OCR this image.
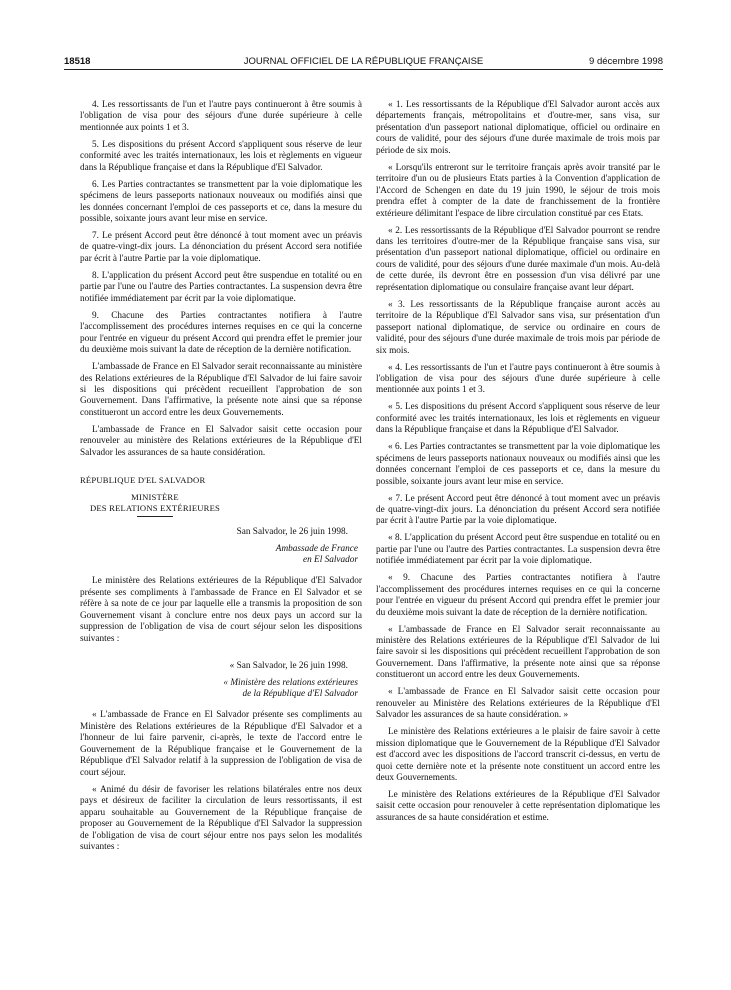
18518	JOURNAL OFFICIEL DE LA RÉPUBLIQUE FRANÇAISE	9 décembre 1998

4. Les ressortissants de l'un et l'autre pays continueront à être soumis à l'obligation de visa pour des séjours d'une durée supérieure à celle mentionnée aux points 1 et 3.

5. Les dispositions du présent Accord s'appliquent sous réserve de leur conformité avec les traités internationaux, les lois et règlements en vigueur dans la République française et dans la République d'El Salvador.

6. Les Parties contractantes se transmettent par la voie diplomatique les spécimens de leurs passeports nationaux nouveaux ou modifiés ainsi que les données concernant l'emploi de ces passeports et ce, dans la mesure du possible, soixante jours avant leur mise en service.

7. Le présent Accord peut être dénoncé à tout moment avec un préavis de quatre-vingt-dix jours. La dénonciation du présent Accord sera notifiée par écrit à l'autre Partie par la voie diplomatique.

8. L'application du présent Accord peut être suspendue en totalité ou en partie par l'une ou l'autre des Parties contractantes. La suspension devra être notifiée immédiatement par écrit par la voie diplomatique.

9. Chacune des Parties contractantes notifiera à l'autre l'accomplissement des procédures internes requises en ce qui la concerne pour l'entrée en vigueur du présent Accord qui prendra effet le premier jour du deuxième mois suivant la date de réception de la dernière notification.

L'ambassade de France en El Salvador serait reconnaissante au ministère des Relations extérieures de la République d'El Salvador de lui faire savoir si les dispositions qui précèdent recueillent l'approbation de son Gouvernement. Dans l'affirmative, la présente note ainsi que sa réponse constitueront un accord entre les deux Gouvernements.

L'ambassade de France en El Salvador saisit cette occasion pour renouveler au ministère des Relations extérieures de la République d'El Salvador les assurances de sa haute considération.

RÉPUBLIQUE D'EL SALVADOR

MINISTÈRE
DES RELATIONS EXTÉRIEURES

San Salvador, le 26 juin 1998.

Ambassade de France
en El Salvador

Le ministère des Relations extérieures de la République d'El Salvador présente ses compliments à l'ambassade de France en El Salvador et se réfère à sa note de ce jour par laquelle elle a transmis la proposition de son Gouvernement visant à conclure entre nos deux pays un accord sur la suppression de l'obligation de visa de court séjour selon les dispositions suivantes :

« San Salvador, le 26 juin 1998.

« Ministère des relations extérieures
de la République d'El Salvador

« L'ambassade de France en El Salvador présente ses compliments au Ministère des Relations extérieures de la République d'El Salvador et a l'honneur de lui faire parvenir, ci-après, le texte de l'accord entre le Gouvernement de la République française et le Gouvernement de la République d'El Salvador relatif à la suppression de l'obligation de visa de court séjour.

« Animé du désir de favoriser les relations bilatérales entre nos deux pays et désireux de faciliter la circulation de leurs ressortissants, il est apparu souhaitable au Gouvernement de la République française de proposer au Gouvernement de la République d'El Salvador la suppression de l'obligation de visa de court séjour entre nos pays selon les modalités suivantes :

« 1. Les ressortissants de la République d'El Salvador auront accès aux départements français, métropolitains et d'outre-mer, sans visa, sur présentation d'un passeport national diplomatique, officiel ou ordinaire en cours de validité, pour des séjours d'une durée maximale de trois mois par période de six mois.

« Lorsqu'ils entreront sur le territoire français après avoir transité par le territoire d'un ou de plusieurs Etats parties à la Convention d'application de l'Accord de Schengen en date du 19 juin 1990, le séjour de trois mois prendra effet à compter de la date de franchissement de la frontière extérieure délimitant l'espace de libre circulation constitué par ces Etats.

« 2. Les ressortissants de la République d'El Salvador pourront se rendre dans les territoires d'outre-mer de la République française sans visa, sur présentation d'un passeport national diplomatique, officiel ou ordinaire en cours de validité, pour des séjours d'une durée maximale d'un mois. Au-delà de cette durée, ils devront être en possession d'un visa délivré par une représentation diplomatique ou consulaire française avant leur départ.

« 3. Les ressortissants de la République française auront accès au territoire de la République d'El Salvador sans visa, sur présentation d'un passeport national diplomatique, de service ou ordinaire en cours de validité, pour des séjours d'une durée maximale de trois mois par période de six mois.

« 4. Les ressortissants de l'un et l'autre pays continueront à être soumis à l'obligation de visa pour des séjours d'une durée supérieure à celle mentionnée aux points 1 et 3.

« 5. Les dispositions du présent Accord s'appliquent sous réserve de leur conformité avec les traités internationaux, les lois et règlements en vigueur dans la République française et dans la République d'El Salvador.

« 6. Les Parties contractantes se transmettent par la voie diplomatique les spécimens de leurs passeports nationaux nouveaux ou modifiés ainsi que les données concernant l'emploi de ces passeports et ce, dans la mesure du possible, soixante jours avant leur mise en service.

« 7. Le présent Accord peut être dénoncé à tout moment avec un préavis de quatre-vingt-dix jours. La dénonciation du présent Accord sera notifiée par écrit à l'autre Partie par la voie diplomatique.

« 8. L'application du présent Accord peut être suspendue en totalité ou en partie par l'une ou l'autre des Parties contractantes. La suspension devra être notifiée immédiatement par écrit par la voie diplomatique.

« 9. Chacune des Parties contractantes notifiera à l'autre l'accomplissement des procédures internes requises en ce qui la concerne pour l'entrée en vigueur du présent Accord qui prendra effet le premier jour du deuxième mois suivant la date de réception de la dernière notification.

« L'ambassade de France en El Salvador serait reconnaissante au ministère des Relations extérieures de la République d'El Salvador de lui faire savoir si les dispositions qui précèdent recueillent l'approbation de son Gouvernement. Dans l'affirmative, la présente note ainsi que sa réponse constitueront un accord entre les deux Gouvernements.

« L'ambassade de France en El Salvador saisit cette occasion pour renouveler au Ministère des Relations extérieures de la République d'El Salvador les assurances de sa haute considération. »

Le ministère des Relations extérieures a le plaisir de faire savoir à cette mission diplomatique que le Gouvernement de la République d'El Salvador est d'accord avec les dispositions de l'accord transcrit ci-dessus, en vertu de quoi cette dernière note et la présente note constituent un accord entre les deux Gouvernements.

Le ministère des Relations extérieures de la République d'El Salvador saisit cette occasion pour renouveler à cette représentation diplomatique les assurances de sa haute considération et estime.
